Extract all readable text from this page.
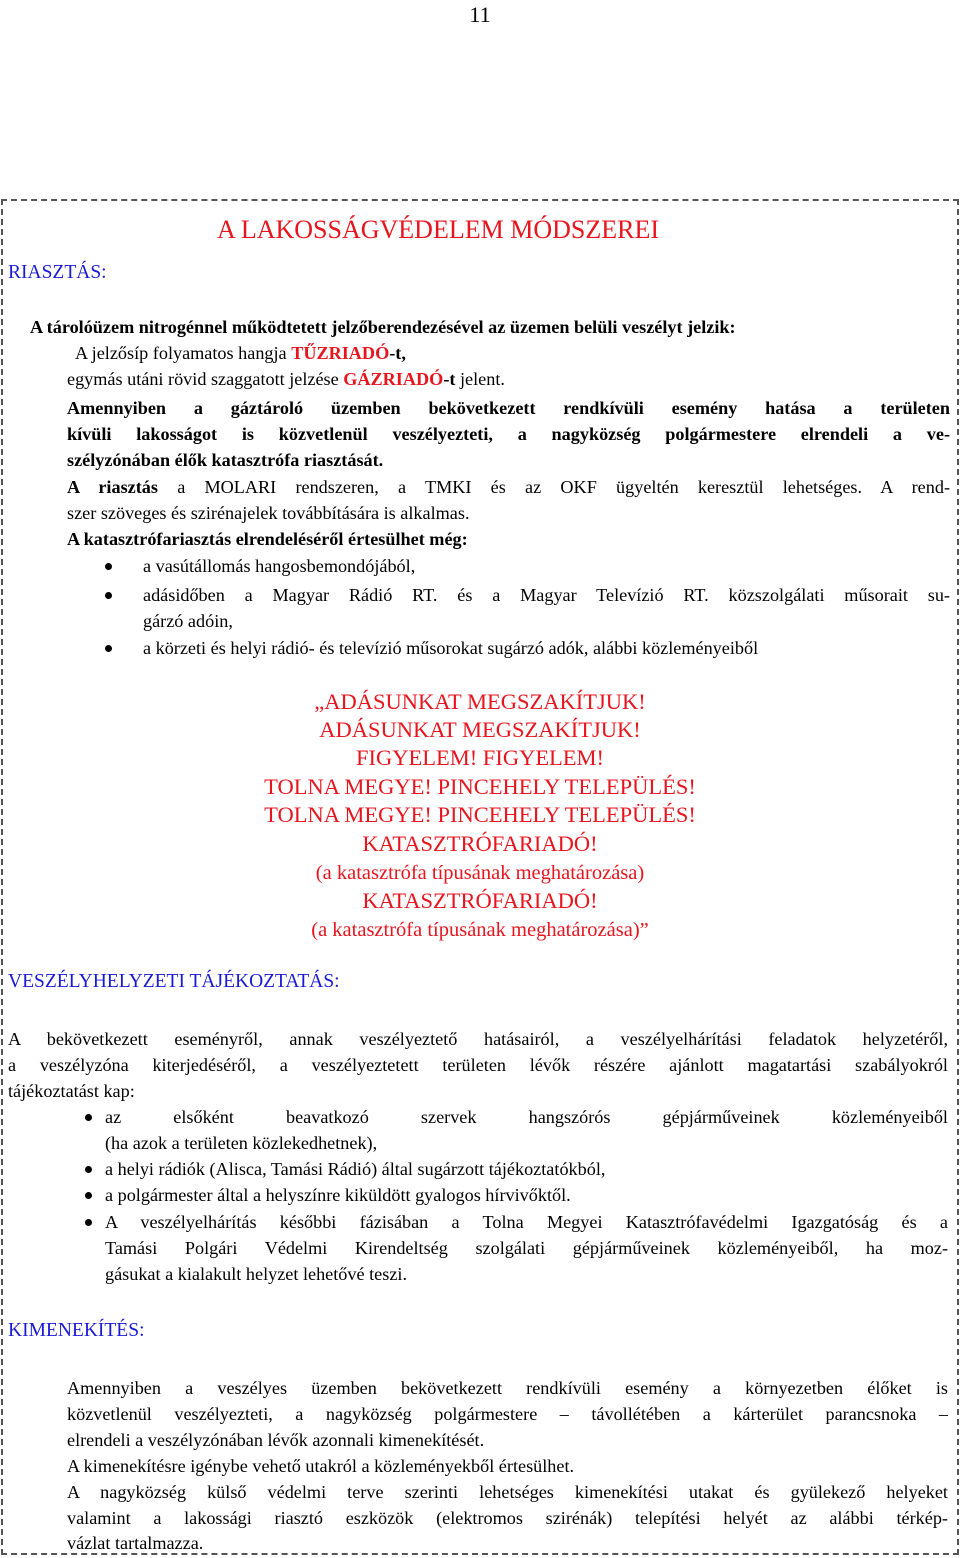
11
A LAKOSSÁGVÉDELEM MÓDSZEREI
RIASZTÁS:
A tárolóüzem nitrogénnel működtetett jelzőberendezésével az üzemen belüli veszélyt jelzik:
A jelzősíp folyamatos hangja TŰZRIADÓ-t,
egymás utáni rövid szaggatott jelzése GÁZRIADÓ-t jelent.
Amennyiben a gáztároló üzemben bekövetkezett rendkívüli esemény hatása a területen
kívüli lakosságot is közvetlenül veszélyezteti, a nagyközség polgármestere elrendeli a ve-
szélyzónában élők katasztrófa riasztását.
A riasztás a MOLARI rendszeren, a TMKI és az OKF ügyeltén keresztül lehetséges. A rend-
szer szöveges és szirénajelek továbbítására is alkalmas.
A katasztrófariasztás elrendeléséről értesülhet még:
a vasútállomás hangosbemondójából,
adásidőben a Magyar Rádió RT. és a Magyar Televízió RT. közszolgálati műsorait su-
gárzó adóin,
a körzeti és helyi rádió- és televízió műsorokat sugárzó adók, alábbi közleményeiből
„ADÁSUNKAT MEGSZAKÍTJUK!
ADÁSUNKAT MEGSZAKÍTJUK!
FIGYELEM! FIGYELEM!
TOLNA MEGYE! PINCEHELY TELEPÜLÉS!
TOLNA MEGYE! PINCEHELY TELEPÜLÉS!
KATASZTRÓFARIADÓ!
(a katasztrófa típusának meghatározása)
KATASZTRÓFARIADÓ!
(a katasztrófa típusának meghatározása)”
VESZÉLYHELYZETI TÁJÉKOZTATÁS:
A bekövetkezett eseményről, annak veszélyeztető hatásairól, a veszélyelhárítási feladatok helyzetéről,
a veszélyzóna kiterjedéséről, a veszélyeztetett területen lévők részére ajánlott magatartási szabályokról
tájékoztatást kap:
az elsőként beavatkozó szervek hangszórós gépjárműveinek közleményeiből
(ha azok a területen közlekedhetnek),
a helyi rádiók (Alisca, Tamási Rádió) által sugárzott tájékoztatókból,
a polgármester által a helyszínre kiküldött gyalogos hírvivőktől.
A veszélyelhárítás későbbi fázisában a Tolna Megyei Katasztrófavédelmi Igazgatóság és a
Tamási Polgári Védelmi Kirendeltség szolgálati gépjárműveinek közleményeiből, ha moz-
gásukat a kialakult helyzet lehetővé teszi.
KIMENEKÍTÉS:
Amennyiben a veszélyes üzemben bekövetkezett rendkívüli esemény a környezetben élőket is
közvetlenül veszélyezteti, a nagyközség polgármestere – távollétében a kárterület parancsnoka –
elrendeli a veszélyzónában lévők azonnali kimenekítését.
A kimenekítésre igénybe vehető utakról a közleményekből értesülhet.
A nagyközség külső védelmi terve szerinti lehetséges kimenekítési utakat és gyülekező helyeket
valamint a lakossági riasztó eszközök (elektromos szirénák) telepítési helyét az alábbi térkép-
vázlat tartalmazza.
